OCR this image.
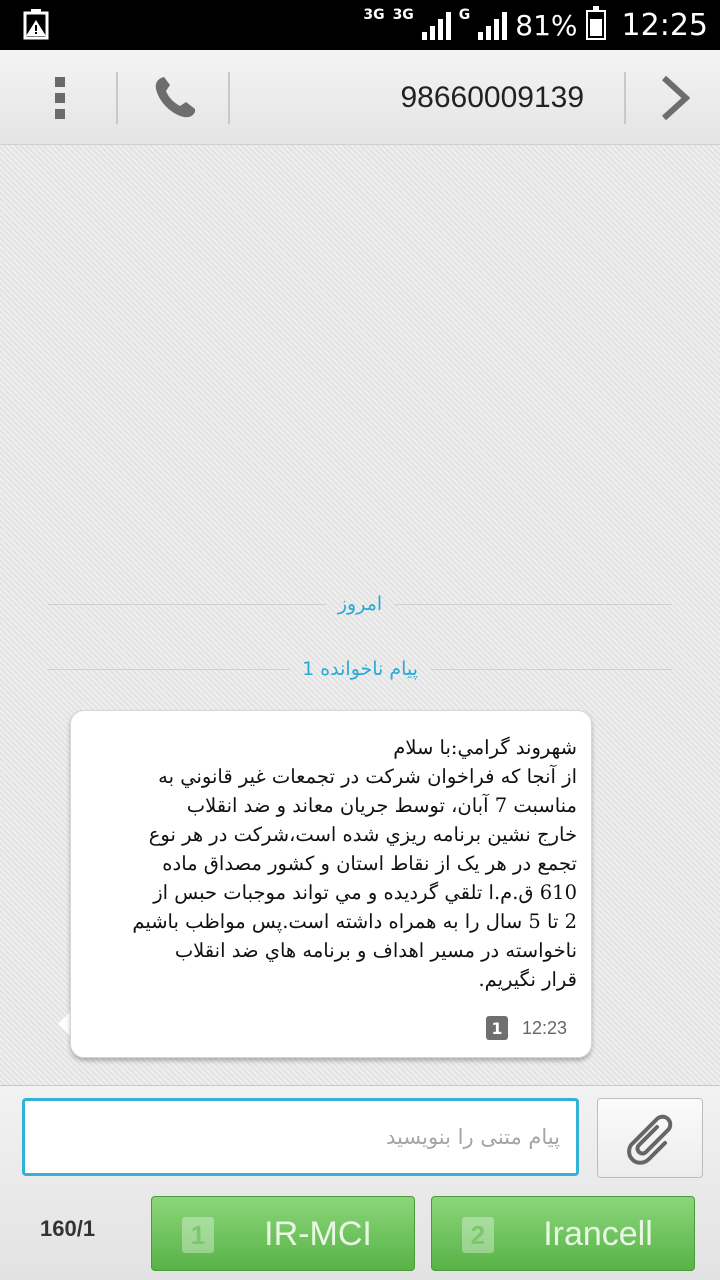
3G 3G	G 81% 12:25
98660009139
امروز
1 پيام ناخوانده
شهروند گرامي:با سلام
از آنجا که فراخوان شرکت در تجمعات غير قانوني به
مناسبت 7 آبان، توسط جريان معاند و ضد انقلاب
خارج نشين برنامه ريزي شده است،شرکت در هر نوع
تجمع در هر يک از نقاط استان و کشور مصداق ماده
610 ق.م.ا تلقي گرديده و مي تواند موجبات حبس از
2 تا 5 سال را به همراه داشته است.پس مواظب باشيم
ناخواسته در مسير اهداف و برنامه هاي ضد انقلاب
قرار نگيريم.
1	12:23
پيام متنی را بنويسيد
160/1	1	IR-MCI	2	Irancell
